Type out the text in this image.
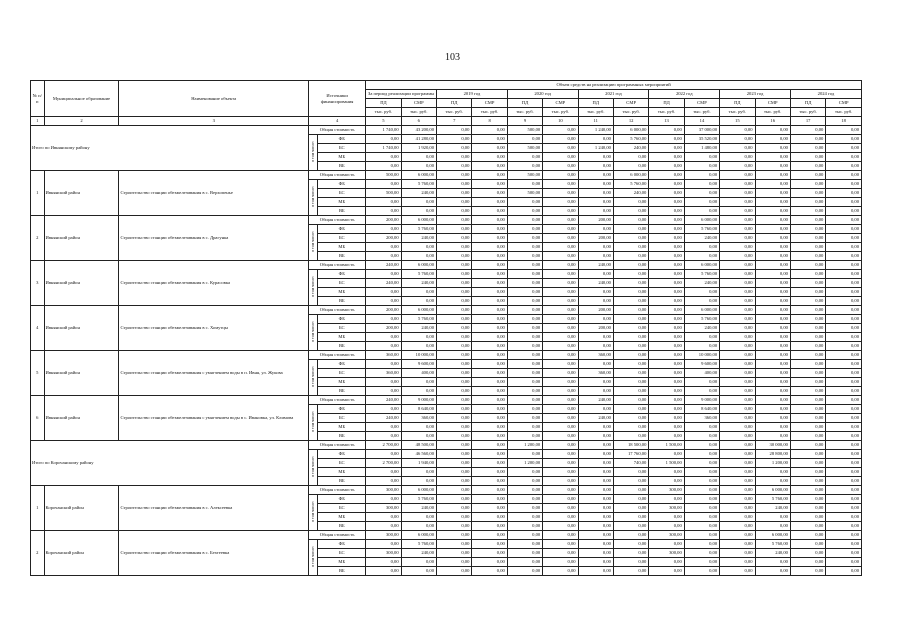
103
№ п/п	Муниципальное образование	Наименование объекта	Источники финансирования		Объем средств на реализацию программных мероприятий													
					За период реализации программы		2019 год		2020 год		2021 год		2022 год		2023 год		2024 год	
					ПД	СМР	ПД	СМР	ПД	СМР	ПД	СМР	ПД	СМР	ПД	СМР	ПД	СМР
					тыс. руб.	тыс. руб.	тыс. руб.	тыс. руб.	тыс. руб.	тыс. руб.	тыс. руб.	тыс. руб.	тыс. руб.	тыс. руб.	тыс. руб.	тыс. руб.	тыс. руб.	тыс. руб.
1	2	3	4		5	6	7	8	9	10	11	12	13	14	15	16	17	18
Итого по Ивнянскому району			Общая стоимость		1 740,00	43 200,00	0,00	0,00	500,00	0,00	1 240,00	6 000,00	0,00	37 000,00	0,00	0,00	0,00	0,00
			в том числе:	ФБ	0,00	41 280,00	0,00	0,00	0,00	0,00	0,00	5 760,00	0,00	35 520,00	0,00	0,00	0,00	0,00
				БС	1 740,00	1 920,00	0,00	0,00	500,00	0,00	1 240,00	240,00	0,00	1 480,00	0,00	0,00	0,00	0,00
				МБ	0,00	0,00	0,00	0,00	0,00	0,00	0,00	0,00	0,00	0,00	0,00	0,00	0,00	0,00
				ВБ	0,00	0,00	0,00	0,00	0,00	0,00	0,00	0,00	0,00	0,00	0,00	0,00	0,00	0,00
1	Ивнянский район	Строительство станции обезжелезивания в с. Верхопенье	Общая стоимость		500,00	6 000,00	0,00	0,00	500,00	0,00	0,00	6 000,00	0,00	0,00	0,00	0,00	0,00	0,00
			в том числе:	ФБ	0,00	5 760,00	0,00	0,00	0,00	0,00	0,00	5 760,00	0,00	0,00	0,00	0,00	0,00	0,00
				БС	500,00	240,00	0,00	0,00	500,00	0,00	0,00	240,00	0,00	0,00	0,00	0,00	0,00	0,00
				МБ	0,00	0,00	0,00	0,00	0,00	0,00	0,00	0,00	0,00	0,00	0,00	0,00	0,00	0,00
				ВБ	0,00	0,00	0,00	0,00	0,00	0,00	0,00	0,00	0,00	0,00	0,00	0,00	0,00	0,00
2	Ивнянский район	Строительство станции обезжелезивания в с. Драгунка	Общая стоимость		200,00	6 000,00	0,00	0,00	0,00	0,00	200,00	0,00	0,00	6 000,00	0,00	0,00	0,00	0,00
			в том числе:	ФБ	0,00	5 760,00	0,00	0,00	0,00	0,00	0,00	0,00	0,00	5 760,00	0,00	0,00	0,00	0,00
				БС	200,00	240,00	0,00	0,00	0,00	0,00	200,00	0,00	0,00	240,00	0,00	0,00	0,00	0,00
				МБ	0,00	0,00	0,00	0,00	0,00	0,00	0,00	0,00	0,00	0,00	0,00	0,00	0,00	0,00
				ВБ	0,00	0,00	0,00	0,00	0,00	0,00	0,00	0,00	0,00	0,00	0,00	0,00	0,00	0,00
3	Ивнянский район	Строительство станции обезжелезивания в с. Курасовка	Общая стоимость		240,00	6 000,00	0,00	0,00	0,00	0,00	240,00	0,00	0,00	6 000,00	0,00	0,00	0,00	0,00
			в том числе:	ФБ	0,00	5 760,00	0,00	0,00	0,00	0,00	0,00	0,00	0,00	5 760,00	0,00	0,00	0,00	0,00
				БС	240,00	240,00	0,00	0,00	0,00	0,00	240,00	0,00	0,00	240,00	0,00	0,00	0,00	0,00
				МБ	0,00	0,00	0,00	0,00	0,00	0,00	0,00	0,00	0,00	0,00	0,00	0,00	0,00	0,00
				ВБ	0,00	0,00	0,00	0,00	0,00	0,00	0,00	0,00	0,00	0,00	0,00	0,00	0,00	0,00
4	Ивнянский район	Строительство станции обезжелезивания в с. Хомутцы	Общая стоимость		200,00	6 000,00	0,00	0,00	0,00	0,00	200,00	0,00	0,00	6 000,00	0,00	0,00	0,00	0,00
			в том числе:	ФБ	0,00	5 760,00	0,00	0,00	0,00	0,00	0,00	0,00	0,00	5 760,00	0,00	0,00	0,00	0,00
				БС	200,00	240,00	0,00	0,00	0,00	0,00	200,00	0,00	0,00	240,00	0,00	0,00	0,00	0,00
				МБ	0,00	0,00	0,00	0,00	0,00	0,00	0,00	0,00	0,00	0,00	0,00	0,00	0,00	0,00
				ВБ	0,00	0,00	0,00	0,00	0,00	0,00	0,00	0,00	0,00	0,00	0,00	0,00	0,00	0,00
5	Ивнянский район	Строительство станции обезжелезивания с умягчением воды в п. Ивня, ул. Жукова	Общая стоимость		360,00	10 000,00	0,00	0,00	0,00	0,00	360,00	0,00	0,00	10 000,00	0,00	0,00	0,00	0,00
			в том числе:	ФБ	0,00	9 600,00	0,00	0,00	0,00	0,00	0,00	0,00	0,00	9 600,00	0,00	0,00	0,00	0,00
				БС	360,00	400,00	0,00	0,00	0,00	0,00	360,00	0,00	0,00	400,00	0,00	0,00	0,00	0,00
				МБ	0,00	0,00	0,00	0,00	0,00	0,00	0,00	0,00	0,00	0,00	0,00	0,00	0,00	0,00
				ВБ	0,00	0,00	0,00	0,00	0,00	0,00	0,00	0,00	0,00	0,00	0,00	0,00	0,00	0,00
6	Ивнянский район	Строительство станции обезжелезивания с умягчением воды в с. Ивановка, ул. Климова	Общая стоимость		240,00	9 000,00	0,00	0,00	0,00	0,00	240,00	0,00	0,00	9 000,00	0,00	0,00	0,00	0,00
			в том числе:	ФБ	0,00	8 640,00	0,00	0,00	0,00	0,00	0,00	0,00	0,00	8 640,00	0,00	0,00	0,00	0,00
				БС	240,00	360,00	0,00	0,00	0,00	0,00	240,00	0,00	0,00	360,00	0,00	0,00	0,00	0,00
				МБ	0,00	0,00	0,00	0,00	0,00	0,00	0,00	0,00	0,00	0,00	0,00	0,00	0,00	0,00
				ВБ	0,00	0,00	0,00	0,00	0,00	0,00	0,00	0,00	0,00	0,00	0,00	0,00	0,00	0,00
Итого по Корочанскому району			Общая стоимость		2 700,00	48 500,00	0,00	0,00	1 200,00	0,00	0,00	18 500,00	1 500,00	0,00	0,00	30 000,00	0,00	0,00
			в том числе:	ФБ	0,00	46 560,00	0,00	0,00	0,00	0,00	0,00	17 760,00	0,00	0,00	0,00	28 800,00	0,00	0,00
				БС	2 700,00	1 940,00	0,00	0,00	1 200,00	0,00	0,00	740,00	1 500,00	0,00	0,00	1 200,00	0,00	0,00
				МБ	0,00	0,00	0,00	0,00	0,00	0,00	0,00	0,00	0,00	0,00	0,00	0,00	0,00	0,00
				ВБ	0,00	0,00	0,00	0,00	0,00	0,00	0,00	0,00	0,00	0,00	0,00	0,00	0,00	0,00
1	Корочанский район	Строительство станции обезжелезивания в с. Алексеевка	Общая стоимость		300,00	6 000,00	0,00	0,00	0,00	0,00	0,00	0,00	300,00	0,00	0,00	6 000,00	0,00	0,00
			в том числе:	ФБ	0,00	5 760,00	0,00	0,00	0,00	0,00	0,00	0,00	0,00	0,00	0,00	5 760,00	0,00	0,00
				БС	300,00	240,00	0,00	0,00	0,00	0,00	0,00	0,00	300,00	0,00	0,00	240,00	0,00	0,00
				МБ	0,00	0,00	0,00	0,00	0,00	0,00	0,00	0,00	0,00	0,00	0,00	0,00	0,00	0,00
				ВБ	0,00	0,00	0,00	0,00	0,00	0,00	0,00	0,00	0,00	0,00	0,00	0,00	0,00	0,00
2	Корочанский район	Строительство станции обезжелезивания в с. Бехтеевка	Общая стоимость		300,00	6 000,00	0,00	0,00	0,00	0,00	0,00	0,00	300,00	0,00	0,00	6 000,00	0,00	0,00
			в том числе:	ФБ	0,00	5 760,00	0,00	0,00	0,00	0,00	0,00	0,00	0,00	0,00	0,00	5 760,00	0,00	0,00
				БС	300,00	240,00	0,00	0,00	0,00	0,00	0,00	0,00	300,00	0,00	0,00	240,00	0,00	0,00
				МБ	0,00	0,00	0,00	0,00	0,00	0,00	0,00	0,00	0,00	0,00	0,00	0,00	0,00	0,00
				ВБ	0,00	0,00	0,00	0,00	0,00	0,00	0,00	0,00	0,00	0,00	0,00	0,00	0,00	0,00
